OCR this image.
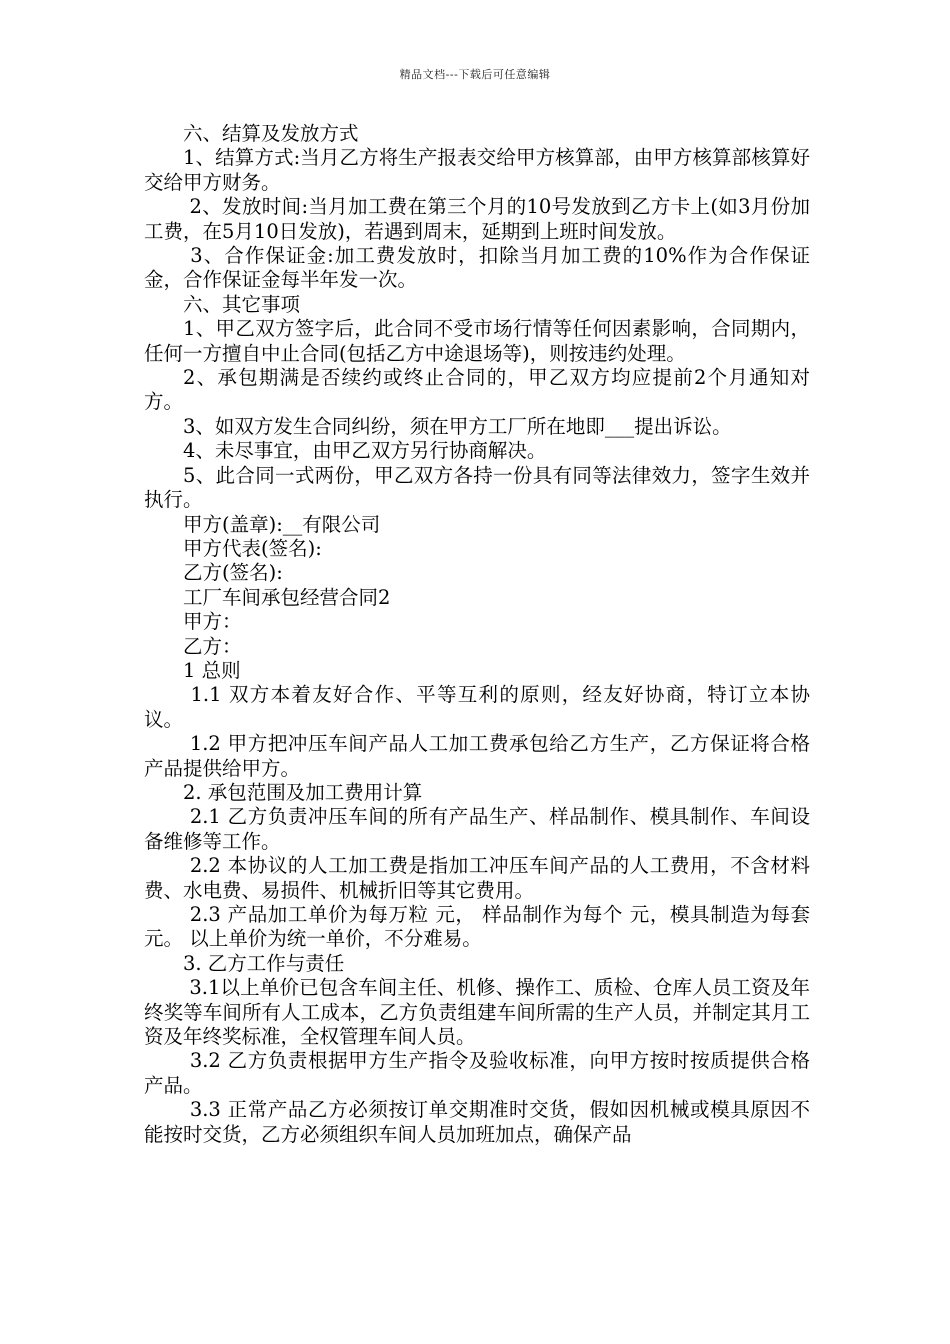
精品文档---下载后可任意编辑

六、结算及发放方式

1、结算方式:当月乙方将生产报表交给甲方核算部，由甲方核算部核算好交给甲方财务。

2、发放时间:当月加工费在第三个月的10号发放到乙方卡上(如3月份加工费，在5月10日发放)，若遇到周末，延期到上班时间发放。

3、合作保证金:加工费发放时，扣除当月加工费的10%作为合作保证金，合作保证金每半年发一次。

六、其它事项

1、甲乙双方签字后，此合同不受市场行情等任何因素影响，合同期内，任何一方擅自中止合同(包括乙方中途退场等)，则按违约处理。

2、承包期满是否续约或终止合同的，甲乙双方均应提前2个月通知对方。

3、如双方发生合同纠纷，须在甲方工厂所在地即___提出诉讼。

4、未尽事宜，由甲乙双方另行协商解决。

5、此合同一式两份，甲乙双方各持一份具有同等法律效力，签字生效并执行。

甲方(盖章):__有限公司

甲方代表(签名):

乙方(签名):

工厂车间承包经营合同2

甲方：

乙方：

1 总则

1.1 双方本着友好合作、平等互利的原则，经友好协商，特订立本协议。

1.2 甲方把冲压车间产品人工加工费承包给乙方生产，乙方保证将合格产品提供给甲方。

2. 承包范围及加工费用计算

2.1 乙方负责冲压车间的所有产品生产、样品制作、模具制作、车间设备维修等工作。

2.2 本协议的人工加工费是指加工冲压车间产品的人工费用，不含材料费、水电费、易损件、机械折旧等其它费用。

2.3 产品加工单价为每万粒 元， 样品制作为每个 元，模具制造为每套 元。 以上单价为统一单价，不分难易。

3. 乙方工作与责任

3.1以上单价已包含车间主任、机修、操作工、质检、仓库人员工资及年终奖等车间所有人工成本，乙方负责组建车间所需的生产人员，并制定其月工资及年终奖标准，全权管理车间人员。

3.2 乙方负责根据甲方生产指令及验收标准，向甲方按时按质提供合格产品。

3.3 正常产品乙方必须按订单交期准时交货，假如因机械或模具原因不能按时交货，乙方必须组织车间人员加班加点，确保产品
